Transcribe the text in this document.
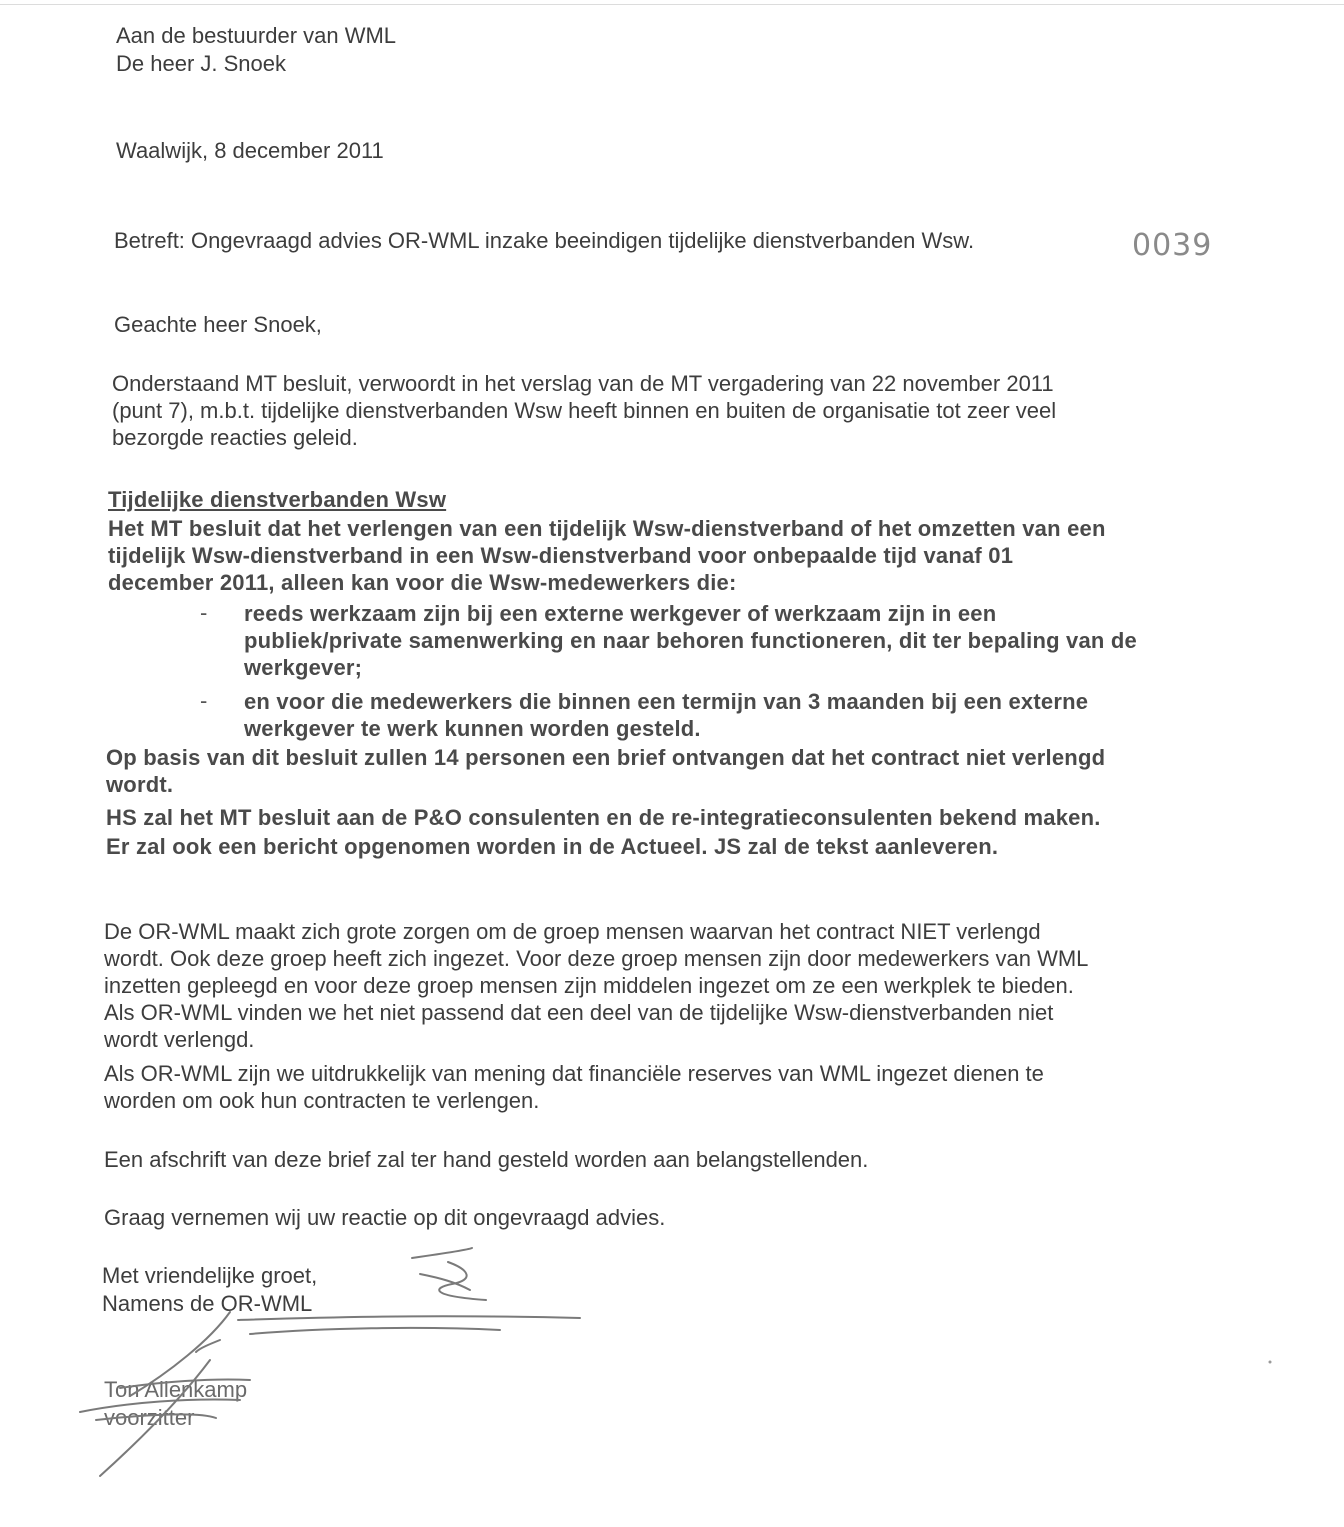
Aan de bestuurder van WML
De heer J. Snoek
Waalwijk, 8 december 2011
Betreft: Ongevraagd advies OR-WML inzake beeindigen tijdelijke dienstverbanden Wsw.	0039
Geachte heer Snoek,
Onderstaand MT besluit, verwoordt in het verslag van de MT vergadering van 22 november 2011
(punt 7), m.b.t. tijdelijke dienstverbanden Wsw heeft binnen en buiten de organisatie tot zeer veel
bezorgde reacties geleid.
Tijdelijke dienstverbanden Wsw
Het MT besluit dat het verlengen van een tijdelijk Wsw-dienstverband of het omzetten van een
tijdelijk Wsw-dienstverband in een Wsw-dienstverband voor onbepaalde tijd vanaf 01
december 2011, alleen kan voor die Wsw-medewerkers die:
- reeds werkzaam zijn bij een externe werkgever of werkzaam zijn in een
publiek/private samenwerking en naar behoren functioneren, dit ter bepaling van de
werkgever;
- en voor die medewerkers die binnen een termijn van 3 maanden bij een externe
werkgever te werk kunnen worden gesteld.
Op basis van dit besluit zullen 14 personen een brief ontvangen dat het contract niet verlengd
wordt.
HS zal het MT besluit aan de P&O consulenten en de re-integratieconsulenten bekend maken.
Er zal ook een bericht opgenomen worden in de Actueel. JS zal de tekst aanleveren.
De OR-WML maakt zich grote zorgen om de groep mensen waarvan het contract NIET verlengd
wordt. Ook deze groep heeft zich ingezet. Voor deze groep mensen zijn door medewerkers van WML
inzetten gepleegd en voor deze groep mensen zijn middelen ingezet om ze een werkplek te bieden.
Als OR-WML vinden we het niet passend dat een deel van de tijdelijke Wsw-dienstverbanden niet
wordt verlengd.
Als OR-WML zijn we uitdrukkelijk van mening dat financiële reserves van WML ingezet dienen te
worden om ook hun contracten te verlengen.
Een afschrift van deze brief zal ter hand gesteld worden aan belangstellenden.
Graag vernemen wij uw reactie op dit ongevraagd advies.
Met vriendelijke groet,
Namens de OR-WML
Ton Allenkamp
voorzitter
